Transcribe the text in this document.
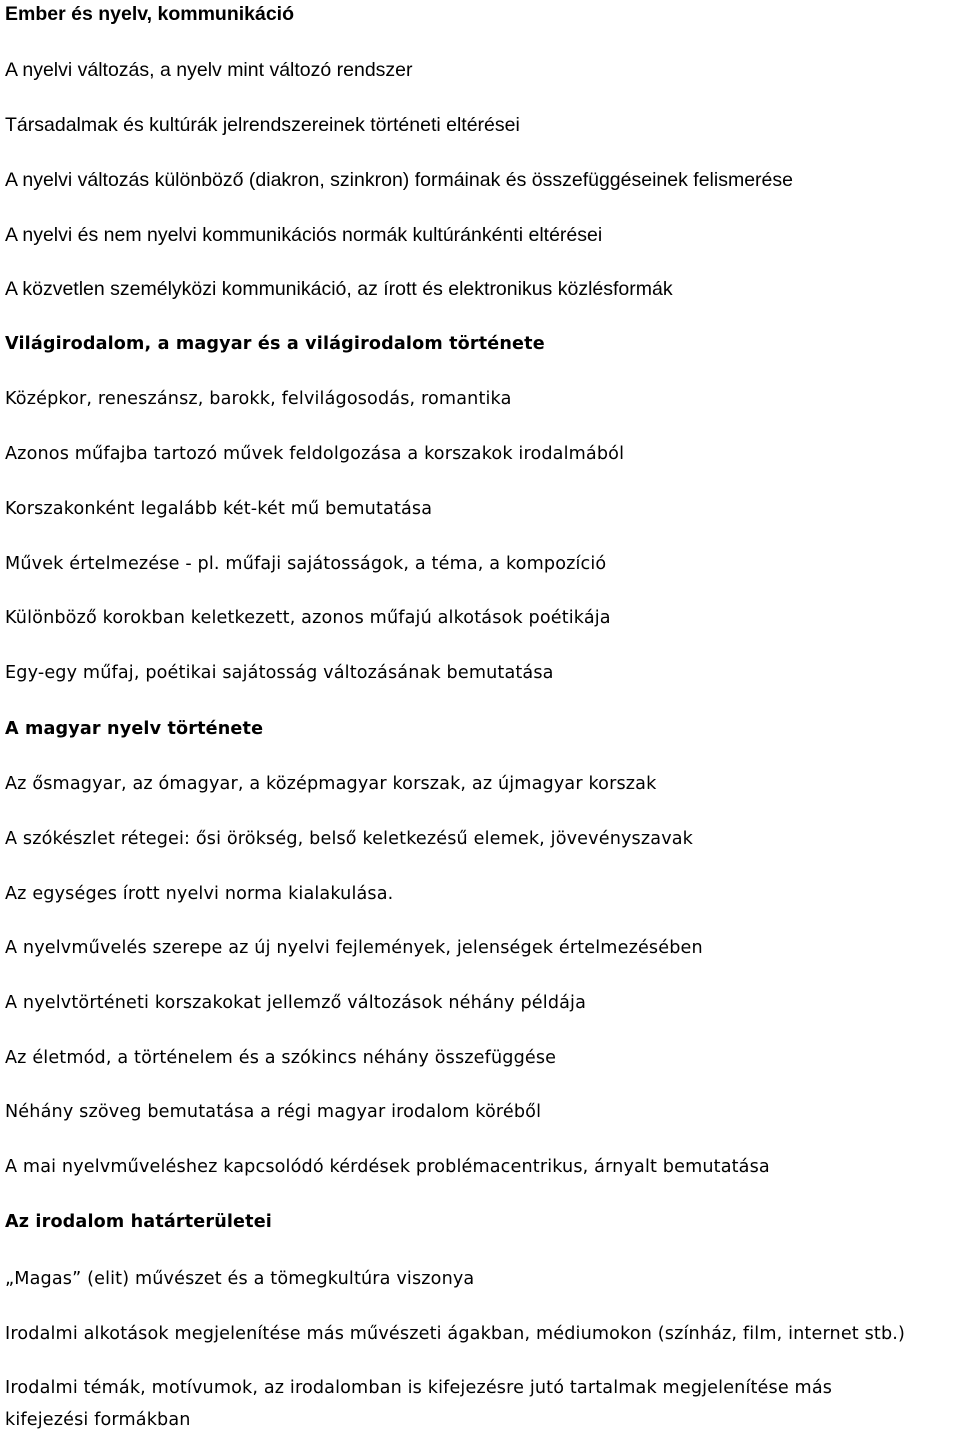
Ember és nyelv, kommunikáció
A nyelvi változás, a nyelv mint változó rendszer
Társadalmak és kultúrák jelrendszereinek történeti eltérései
A nyelvi változás különböző (diakron, szinkron) formáinak és összefüggéseinek felismerése
A nyelvi és nem nyelvi kommunikációs normák kultúránkénti eltérései
A közvetlen személyközi kommunikáció, az írott és elektronikus közlésformák
Világirodalom, a magyar és a világirodalom története
Középkor, reneszánsz, barokk, felvilágosodás, romantika
Azonos műfajba tartozó művek feldolgozása a korszakok irodalmából
Korszakonként legalább két-két mű bemutatása
Művek értelmezése - pl. műfaji sajátosságok, a téma, a kompozíció
Különböző korokban keletkezett, azonos műfajú alkotások poétikája
Egy-egy műfaj, poétikai sajátosság változásának bemutatása
A magyar nyelv története
Az ősmagyar, az ómagyar, a középmagyar korszak, az újmagyar korszak
A szókészlet rétegei: ősi örökség, belső keletkezésű elemek, jövevényszavak
Az egységes írott nyelvi norma kialakulása.
A nyelvművelés szerepe az új nyelvi fejlemények, jelenségek értelmezésében
A nyelvtörténeti korszakokat jellemző változások néhány példája
Az életmód, a történelem és a szókincs néhány összefüggése
Néhány szöveg bemutatása a régi magyar irodalom köréből
A mai nyelvműveléshez kapcsolódó kérdések problémacentrikus, árnyalt bemutatása
Az irodalom határterületei
„Magas” (elit) művészet és a tömegkultúra viszonya
Irodalmi alkotások megjelenítése más művészeti ágakban, médiumokon (színház, film, internet stb.)
Irodalmi témák, motívumok, az irodalomban is kifejezésre jutó tartalmak megjelenítése más kifejezési formákban
